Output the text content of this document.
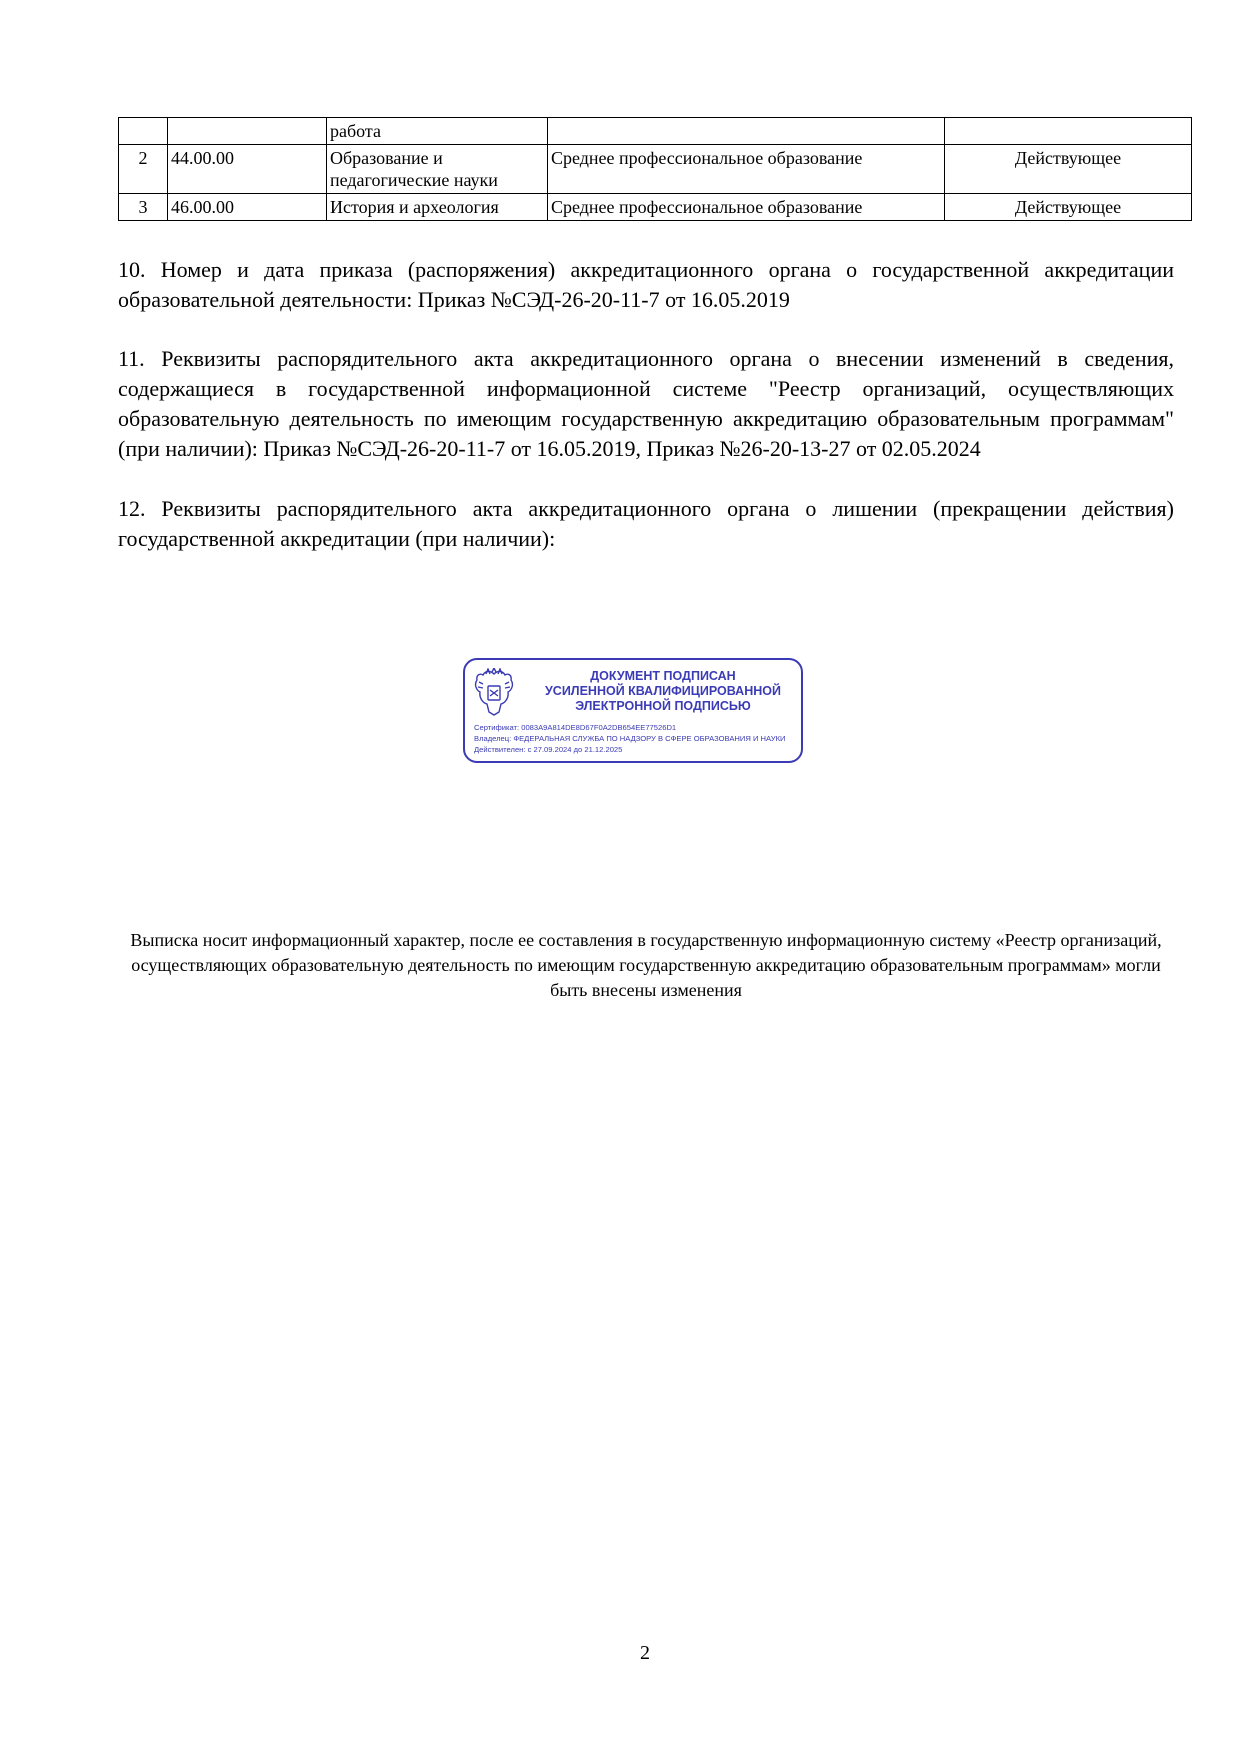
		работа		
2	44.00.00	Образование и педагогические науки	Среднее профессиональное образование	Действующее
3	46.00.00	История и археология	Среднее профессиональное образование	Действующее

10. Номер и дата приказа (распоряжения) аккредитационного органа о государственной аккредитации образовательной деятельности: Приказ №СЭД-26-20-11-7 от 16.05.2019

11. Реквизиты распорядительного акта аккредитационного органа о внесении изменений в сведения, содержащиеся в государственной информационной системе "Реестр организаций, осуществляющих образовательную деятельность по имеющим государственную аккредитацию образовательным программам" (при наличии): Приказ №СЭД-26-20-11-7 от 16.05.2019, Приказ №26-20-13-27 от 02.05.2024

12. Реквизиты распорядительного акта аккредитационного органа о лишении (прекращении действия) государственной аккредитации (при наличии):

ДОКУМЕНТ ПОДПИСАН
УСИЛЕННОЙ КВАЛИФИЦИРОВАННОЙ
ЭЛЕКТРОННОЙ ПОДПИСЬЮ
Сертификат: 0083A9A814DE8D67F0A2DB654EE77526D1
Владелец: ФЕДЕРАЛЬНАЯ СЛУЖБА ПО НАДЗОРУ В СФЕРЕ ОБРАЗОВАНИЯ И НАУКИ
Действителен: с 27.09.2024 до 21.12.2025

Выписка носит информационный характер, после ее составления в государственную информационную систему «Реестр организаций, осуществляющих образовательную деятельность по имеющим государственную аккредитацию образовательным программам» могли быть внесены изменения

2
